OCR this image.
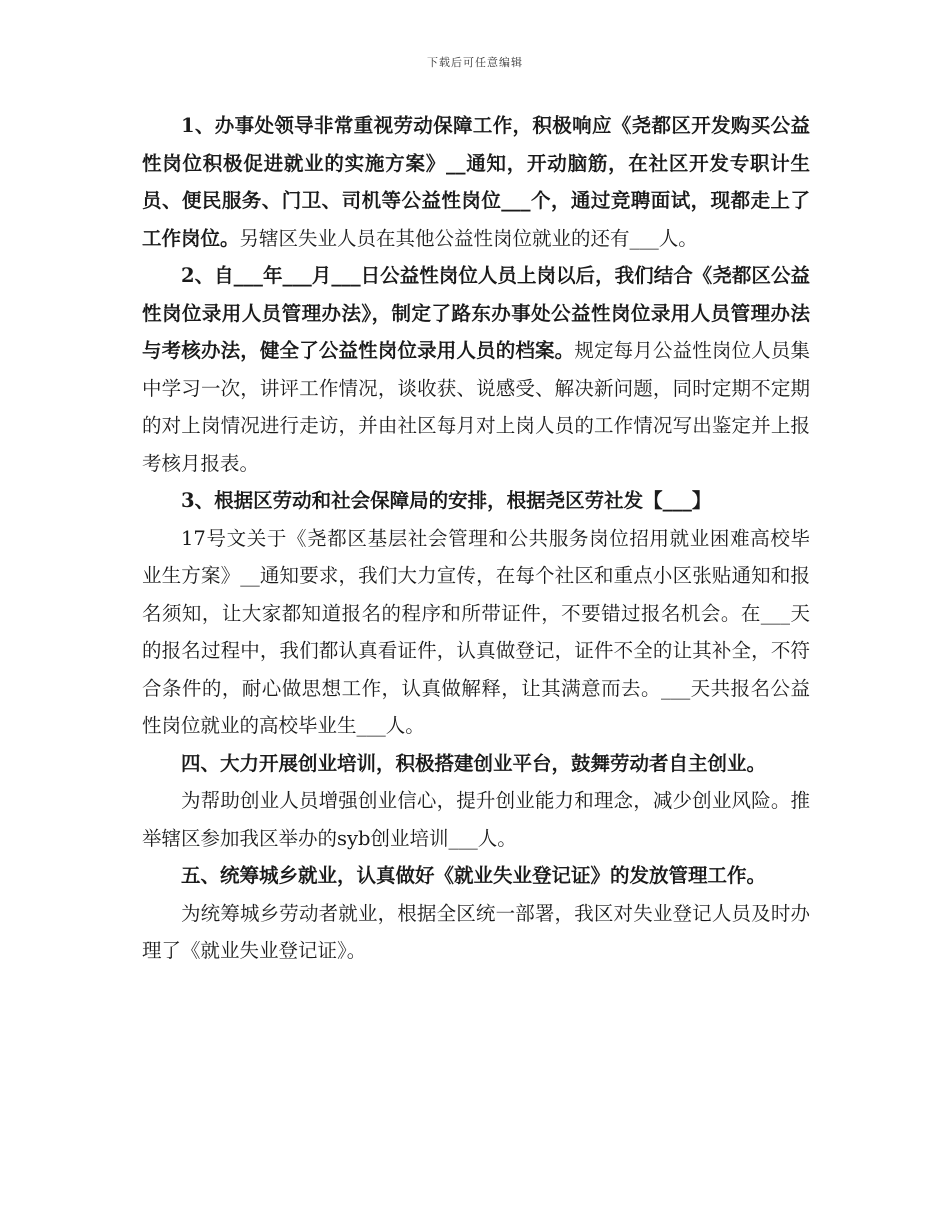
下载后可任意编辑

1、办事处领导非常重视劳动保障工作，积极响应《尧都区开发购买公益性岗位积极促进就业的实施方案》__通知，开动脑筋，在社区开发专职计生员、便民服务、门卫、司机等公益性岗位___个，通过竞聘面试，现都走上了工作岗位。另辖区失业人员在其他公益性岗位就业的还有___人。

2、自___年___月___日公益性岗位人员上岗以后，我们结合《尧都区公益性岗位录用人员管理办法》，制定了路东办事处公益性岗位录用人员管理办法与考核办法，健全了公益性岗位录用人员的档案。规定每月公益性岗位人员集中学习一次，讲评工作情况，谈收获、说感受、解决新问题，同时定期不定期的对上岗情况进行走访，并由社区每月对上岗人员的工作情况写出鉴定并上报考核月报表。

3、根据区劳动和社会保障局的安排，根据尧区劳社发【___】

17号文关于《尧都区基层社会管理和公共服务岗位招用就业困难高校毕业生方案》__通知要求，我们大力宣传，在每个社区和重点小区张贴通知和报名须知，让大家都知道报名的程序和所带证件，不要错过报名机会。在___天的报名过程中，我们都认真看证件，认真做登记，证件不全的让其补全，不符合条件的，耐心做思想工作，认真做解释，让其满意而去。___天共报名公益性岗位就业的高校毕业生___人。

四、大力开展创业培训，积极搭建创业平台，鼓舞劳动者自主创业。

为帮助创业人员增强创业信心，提升创业能力和理念，减少创业风险。推举辖区参加我区举办的syb创业培训___人。

五、统筹城乡就业，认真做好《就业失业登记证》的发放管理工作。

为统筹城乡劳动者就业，根据全区统一部署，我区对失业登记人员及时办理了《就业失业登记证》。
